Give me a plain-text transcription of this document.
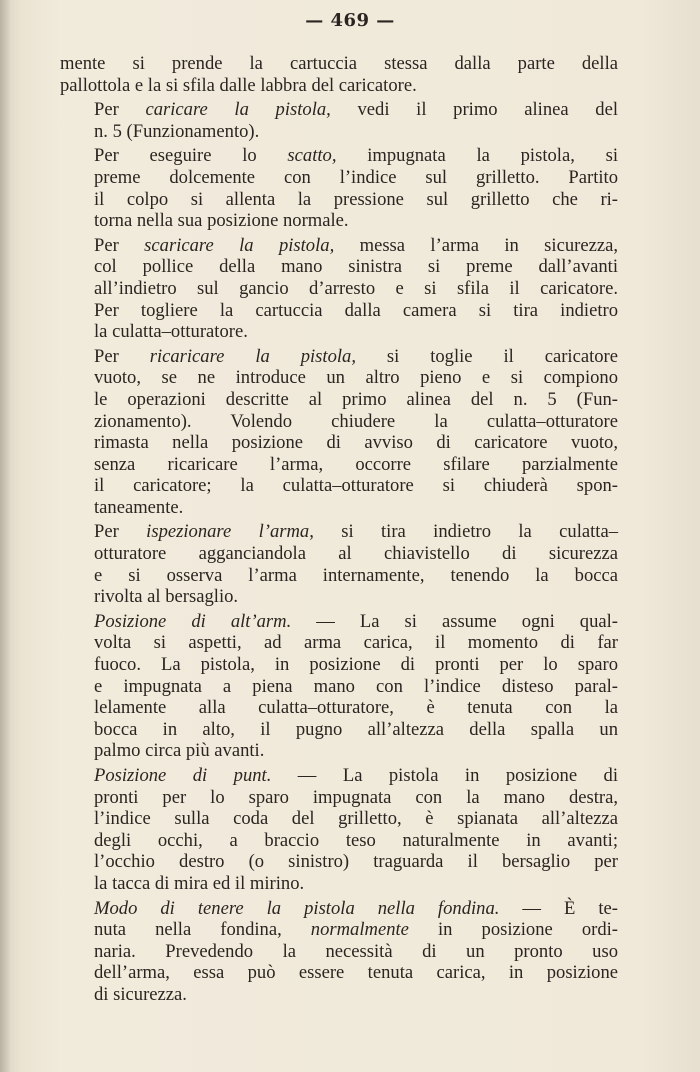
— 469 —
mente si prende la cartuccia stessa dalla parte della
pallottola e la si sfila dalle labbra del caricatore.
Per caricare la pistola, vedi il primo alinea del
n. 5 (Funzionamento).
Per eseguire lo scatto, impugnata la pistola, si
preme dolcemente con l’indice sul grilletto. Partito
il colpo si allenta la pressione sul grilletto che ri-
torna nella sua posizione normale.
Per scaricare la pistola, messa l’arma in sicurezza,
col pollice della mano sinistra si preme dall’avanti
all’indietro sul gancio d’arresto e si sfila il caricatore.
Per togliere la cartuccia dalla camera si tira indietro
la culatta–otturatore.
Per ricaricare la pistola, si toglie il caricatore
vuoto, se ne introduce un altro pieno e si compiono
le operazioni descritte al primo alinea del n. 5 (Fun-
zionamento). Volendo chiudere la culatta–otturatore
rimasta nella posizione di avviso di caricatore vuoto,
senza ricaricare l’arma, occorre sfilare parzialmente
il caricatore; la culatta–otturatore si chiuderà spon-
taneamente.
Per ispezionare l’arma, si tira indietro la culatta–
otturatore agganciandola al chiavistello di sicurezza
e si osserva l’arma internamente, tenendo la bocca
rivolta al bersaglio.
Posizione di alt’arm. — La si assume ogni qual-
volta si aspetti, ad arma carica, il momento di far
fuoco. La pistola, in posizione di pronti per lo sparo
e impugnata a piena mano con l’indice disteso paral-
lelamente alla culatta–otturatore, è tenuta con la
bocca in alto, il pugno all’altezza della spalla un
palmo circa più avanti.
Posizione di punt. — La pistola in posizione di
pronti per lo sparo impugnata con la mano destra,
l’indice sulla coda del grilletto, è spianata all’altezza
degli occhi, a braccio teso naturalmente in avanti;
l’occhio destro (o sinistro) traguarda il bersaglio per
la tacca di mira ed il mirino.
Modo di tenere la pistola nella fondina. — È te-
nuta nella fondina, normalmente in posizione ordi-
naria. Prevedendo la necessità di un pronto uso
dell’arma, essa può essere tenuta carica, in posizione
di sicurezza.
